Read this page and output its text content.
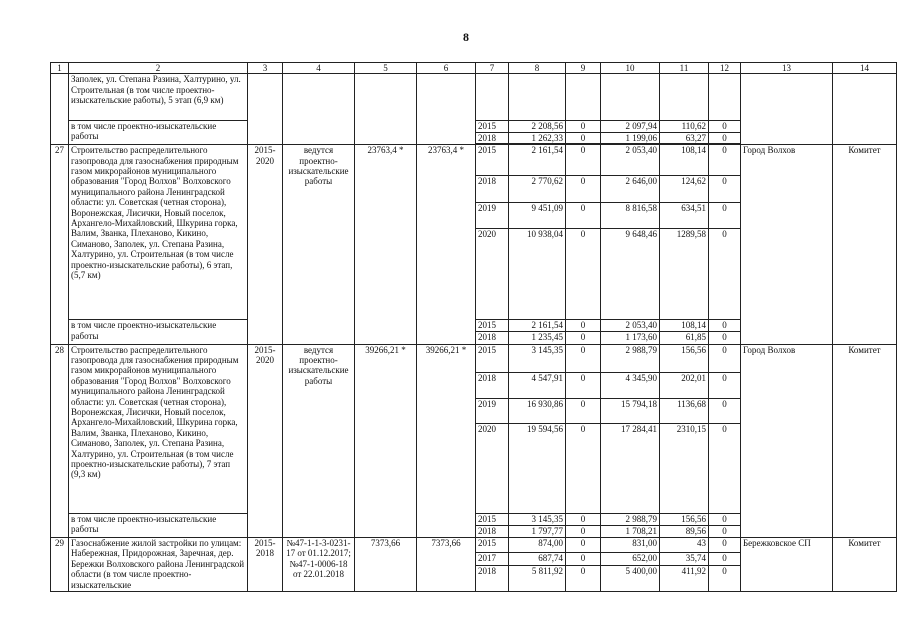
8
1	2	3	4	5	6	7	8	9	10	11	12	13	14
	Заполек, ул. Степана Разина, Халтурино, ул. Строительная (в том числе проектно-изыскательские работы), 5 этап (6,9 км)												
	в том числе проектно-изыскательские работы					2015	2 208,56	0	2 097,94	110,62	0		
						2018	1 262,33	0	1 199,06	63,27	0		

27	Строительство распределительного газопровода для газоснабжения природным газом микрорайонов муниципального образования "Город Волхов" Волховского муниципального района Ленинградской области: ул. Советская (четная сторона), Воронежская, Лисички, Новый поселок, Архангело-Михайловский, Шкурина горка, Валим, Званка, Плеханово, Кикино, Симаново, Заполек, ул. Степана Разина, Халтурино, ул. Строительная (в том числе проектно-изыскательские работы), 6 этап, (5,7 км)	2015-2020	ведутся проектно-изыскательские работы	23763,4 *	23763,4 *	2015	2 161,54	0	2 053,40	108,14	0	Город Волхов	Комитет
						2018	2 770,62	0	2 646,00	124,62	0		
						2019	9 451,09	0	8 816,58	634,51	0		
						2020	10 938,04	0	9 648,46	1289,58	0		
	в том числе проектно-изыскательские работы					2015	2 161,54	0	2 053,40	108,14	0		
						2018	1 235,45	0	1 173,60	61,85	0		
28	Строительство распределительного газопровода для газоснабжения природным газом микрорайонов муниципального образования "Город Волхов" Волховского муниципального района Ленинградской области: ул. Советская (четная сторона), Воронежская, Лисички, Новый поселок, Архангело-Михайловский, Шкурина горка, Валим, Званка, Плеханово, Кикино, Симаново, Заполек, ул. Степана Разина, Халтурино, ул. Строительная (в том числе проектно-изыскательские работы), 7 этап (9,3 км)	2015-2020	ведутся проектно-изыскательские работы	39266,21 *	39266,21 *	2015	3 145,35	0	2 988,79	156,56	0	Город Волхов	Комитет
						2018	4 547,91	0	4 345,90	202,01	0		
						2019	16 930,86	0	15 794,18	1136,68	0		
						2020	19 594,56	0	17 284,41	2310,15	0		
	в том числе проектно-изыскательские работы					2015	3 145,35	0	2 988,79	156,56	0		
						2018	1 797,77	0	1 708,21	89,56	0		
29	Газоснабжение жилой застройки по улицам: Набережная, Придорожная, Заречная, дер. Бережки Волховского района Ленинградской области (в том числе проектно-изыскательские	2015-2018	№47-1-1-3-0231-17 от 01.12.2017; №47-1-0006-18 от 22.01.2018	7373,66	7373,66	2015	874,00	0	831,00	43	0	Бережковское СП	Комитет
						2017	687,74	0	652,00	35,74	0		
						2018	5 811,92	0	5 400,00	411,92	0		
